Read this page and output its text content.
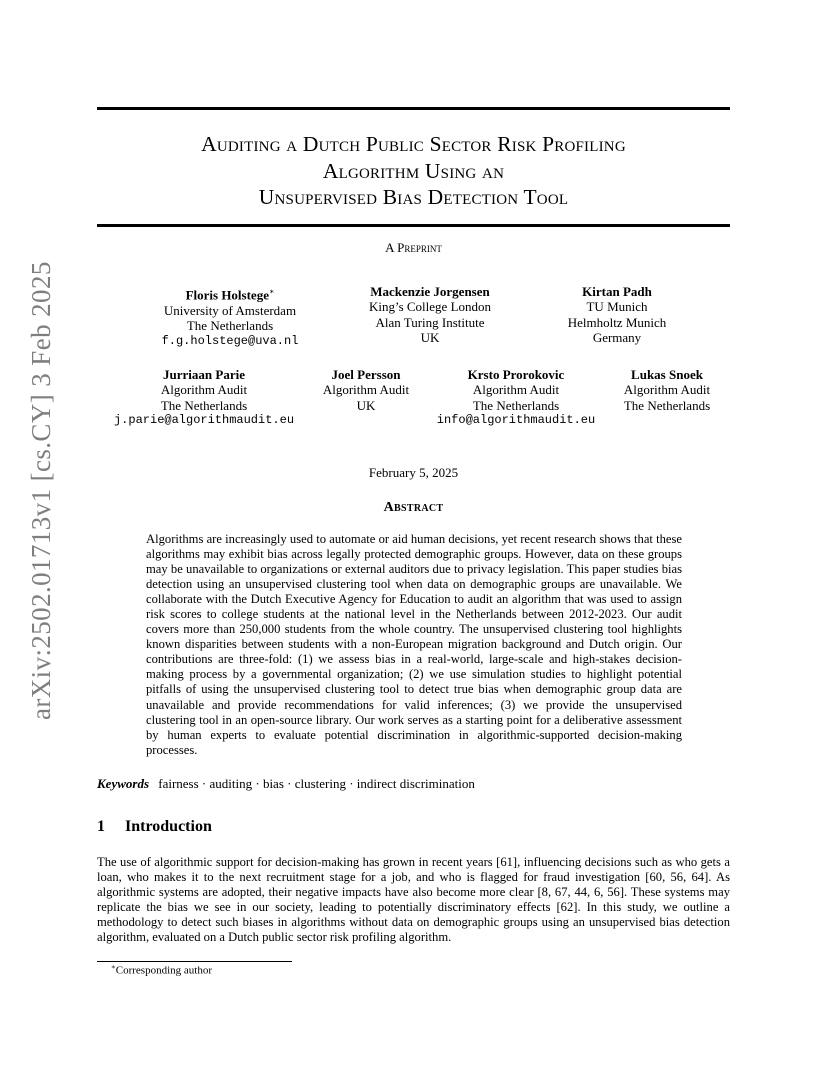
arXiv:2502.01713v1 [cs.CY] 3 Feb 2025
Auditing a Dutch Public Sector Risk Profiling
Algorithm Using an
Unsupervised Bias Detection Tool
A Preprint
Floris Holstege∗
University of Amsterdam
The Netherlands
f.g.holstege@uva.nl
Mackenzie Jorgensen
King’s College London
Alan Turing Institute
UK
Kirtan Padh
TU Munich
Helmholtz Munich
Germany
Jurriaan Parie
Algorithm Audit
The Netherlands
j.parie@algorithmaudit.eu
Joel Persson
Algorithm Audit
UK
Krsto Prorokovic
Algorithm Audit
The Netherlands
info@algorithmaudit.eu
Lukas Snoek
Algorithm Audit
The Netherlands
February 5, 2025
Abstract
Algorithms are increasingly used to automate or aid human decisions, yet recent research shows that these algorithms may exhibit bias across legally protected demographic groups. However, data on these groups may be unavailable to organizations or external auditors due to privacy legislation. This paper studies bias detection using an unsupervised clustering tool when data on demographic groups are unavailable. We collaborate with the Dutch Executive Agency for Education to audit an algorithm that was used to assign risk scores to college students at the national level in the Netherlands between 2012-2023. Our audit covers more than 250,000 students from the whole country. The unsupervised clustering tool highlights known disparities between students with a non-European migration background and Dutch origin. Our contributions are three-fold: (1) we assess bias in a real-world, large-scale and high-stakes decision-making process by a governmental organization; (2) we use simulation studies to highlight potential pitfalls of using the unsupervised clustering tool to detect true bias when demographic group data are unavailable and provide recommendations for valid inferences; (3) we provide the unsupervised clustering tool in an open-source library. Our work serves as a starting point for a deliberative assessment by human experts to evaluate potential discrimination in algorithmic-supported decision-making processes.
Keywords fairness · auditing · bias · clustering · indirect discrimination
1 Introduction
The use of algorithmic support for decision-making has grown in recent years [61], influencing decisions such as who gets a loan, who makes it to the next recruitment stage for a job, and who is flagged for fraud investigation [60, 56, 64]. As algorithmic systems are adopted, their negative impacts have also become more clear [8, 67, 44, 6, 56]. These systems may replicate the bias we see in our society, leading to potentially discriminatory effects [62]. In this study, we outline a methodology to detect such biases in algorithms without data on demographic groups using an unsupervised bias detection algorithm, evaluated on a Dutch public sector risk profiling algorithm.
∗Corresponding author
